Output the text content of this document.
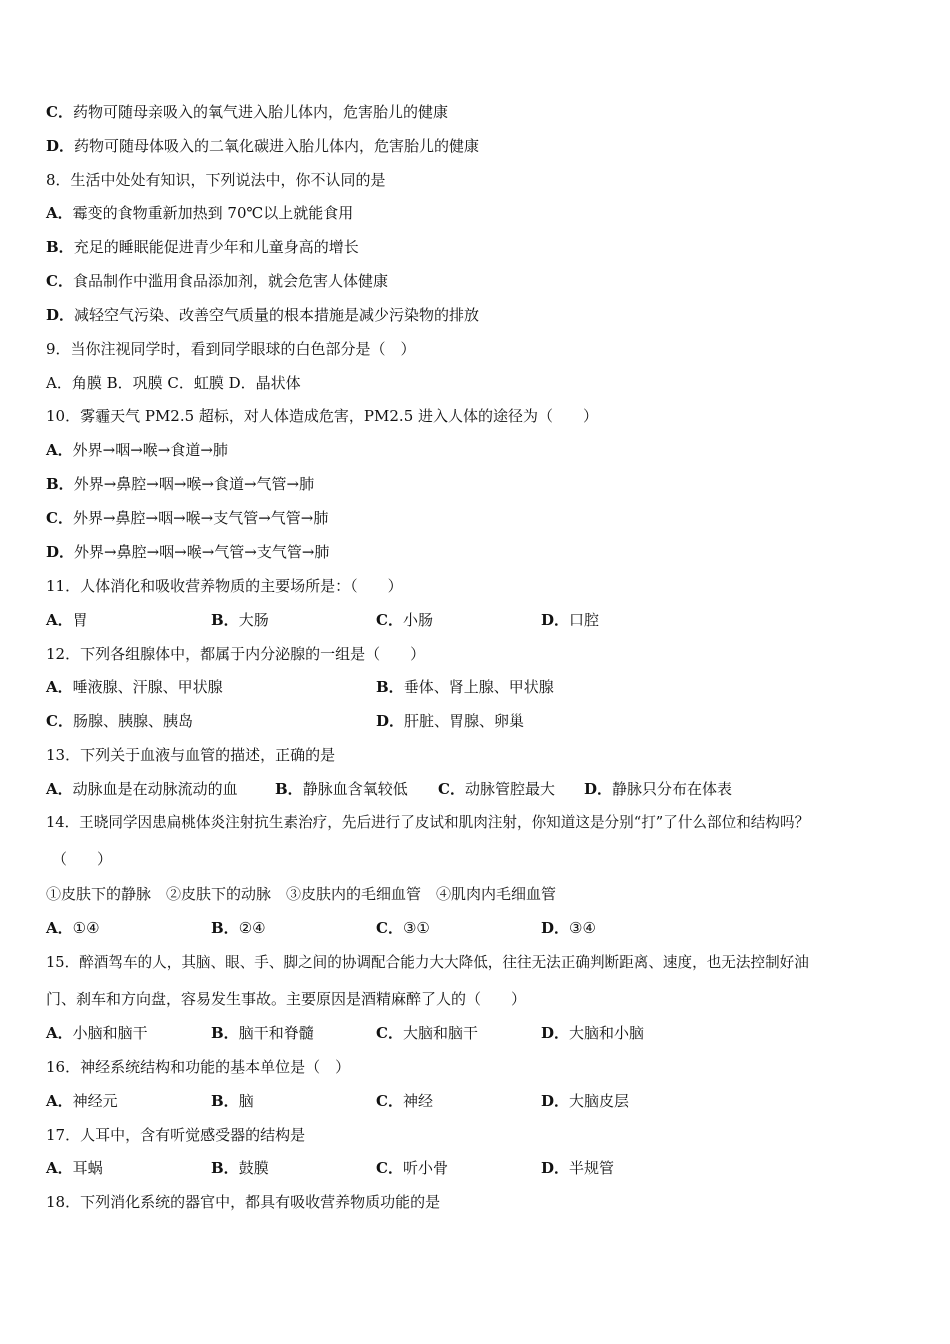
C．药物可随母亲吸入的氧气进入胎儿体内，危害胎儿的健康
D．药物可随母体吸入的二氧化碳进入胎儿体内，危害胎儿的健康
8．生活中处处有知识，下列说法中，你不认同的是
A．霉变的食物重新加热到 70℃以上就能食用
B．充足的睡眠能促进青少年和儿童身高的增长
C．食品制作中滥用食品添加剂，就会危害人体健康
D．减轻空气污染、改善空气质量的根本措施是减少污染物的排放
9．当你注视同学时，看到同学眼球的白色部分是（　）
A．角膜 B．巩膜 C．虹膜 D．晶状体
10．雾霾天气 PM2.5 超标，对人体造成危害，PM2.5 进入人体的途径为（　　）
A．外界→咽→喉→食道→肺
B．外界→鼻腔→咽→喉→食道→气管→肺
C．外界→鼻腔→咽→喉→支气管→气管→肺
D．外界→鼻腔→咽→喉→气管→支气管→肺
11．人体消化和吸收营养物质的主要场所是：（　　）
A．胃	B．大肠	C．小肠	D．口腔
12．下列各组腺体中，都属于内分泌腺的一组是（　　）
A．唾液腺、汗腺、甲状腺	B．垂体、肾上腺、甲状腺
C．肠腺、胰腺、胰岛	D．肝脏、胃腺、卵巢
13．下列关于血液与血管的描述，正确的是
A．动脉血是在动脉流动的血 B．静脉血含氧较低 C．动脉管腔最大 D．静脉只分布在体表
14．王晓同学因患扁桃体炎注射抗生素治疗，先后进行了皮试和肌肉注射，你知道这是分别“打”了什么部位和结构吗？
（　　）
①皮肤下的静脉　②皮肤下的动脉　③皮肤内的毛细血管　④肌肉内毛细血管
A．①④	B．②④	C．③①	D．③④
15．醉酒驾车的人，其脑、眼、手、脚之间的协调配合能力大大降低，往往无法正确判断距离、速度，也无法控制好油
门、刹车和方向盘，容易发生事故。主要原因是酒精麻醉了人的（　　）
A．小脑和脑干	B．脑干和脊髓	C．大脑和脑干	D．大脑和小脑
16．神经系统结构和功能的基本单位是（　）
A．神经元	B．脑	C．神经	D．大脑皮层
17．人耳中，含有听觉感受器的结构是
A．耳蜗	B．鼓膜	C．听小骨	D．半规管
18．下列消化系统的器官中，都具有吸收营养物质功能的是
